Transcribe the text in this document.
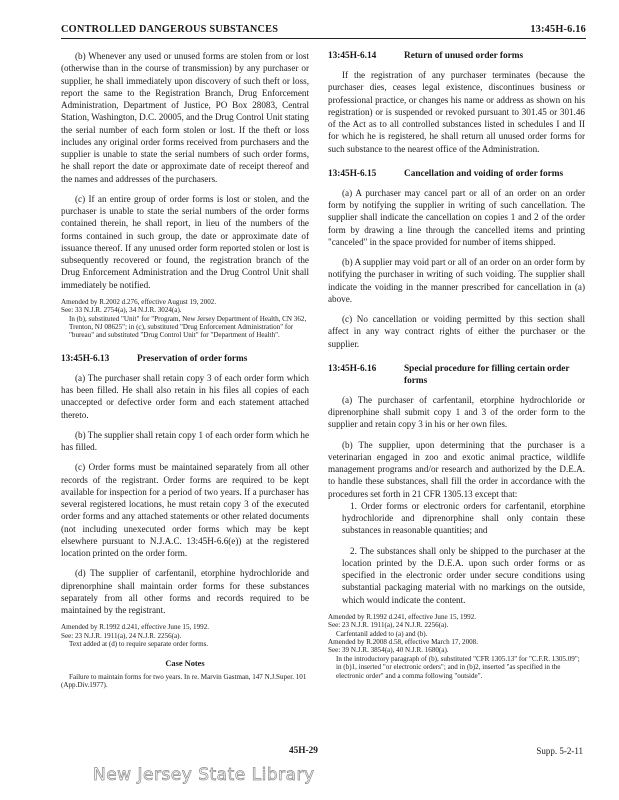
CONTROLLED DANGEROUS SUBSTANCES	13:45H-6.16

(b) Whenever any used or unused forms are stolen from or lost (otherwise than in the course of transmission) by any purchaser or supplier, he shall immediately upon discovery of such theft or loss, report the same to the Registration Branch, Drug Enforcement Administration, Department of Justice, PO Box 28083, Central Station, Washington, D.C. 20005, and the Drug Control Unit stating the serial number of each form stolen or lost. If the theft or loss includes any original order forms received from purchasers and the supplier is unable to state the serial numbers of such order forms, he shall report the date or approximate date of receipt thereof and the names and addresses of the purchasers.

(c) If an entire group of order forms is lost or stolen, and the purchaser is unable to state the serial numbers of the order forms contained therein, he shall report, in lieu of the numbers of the forms contained in such group, the date or approximate date of issuance thereof. If any unused order form reported stolen or lost is subsequently recovered or found, the registration branch of the Drug Enforcement Administration and the Drug Control Unit shall immediately be notified.

Amended by R.2002 d.276, effective August 19, 2002.
See: 33 N.J.R. 2754(a), 34 N.J.R. 3024(a).
In (b), substituted "Unit" for "Program, New Jersey Department of Health, CN 362, Trenton, NJ 08625"; in (c), substituted "Drug Enforcement Administration" for "bureau" and substituted "Drug Control Unit" for "Department of Health".
13:45H-6.13	Preservation of order forms

(a) The purchaser shall retain copy 3 of each order form which has been filled. He shall also retain in his files all copies of each unaccepted or defective order form and each statement attached thereto.

(b) The supplier shall retain copy 1 of each order form which he has filled.

(c) Order forms must be maintained separately from all other records of the registrant. Order forms are required to be kept available for inspection for a period of two years. If a purchaser has several registered locations, he must retain copy 3 of the executed order forms and any attached statements or other related documents (not including unexecuted order forms which may be kept elsewhere pursuant to N.J.A.C. 13:45H-6.6(e)) at the registered location printed on the order form.

(d) The supplier of carfentanil, etorphine hydrochloride and diprenorphine shall maintain order forms for these substances separately from all other forms and records required to be maintained by the registrant.

Amended by R.1992 d.241, effective June 15, 1992.
See: 23 N.J.R. 1911(a), 24 N.J.R. 2256(a).
Text added at (d) to require separate order forms.
Case Notes
Failure to maintain forms for two years. In re. Marvin Gastman, 147 N.J.Super. 101 (App.Div.1977).
13:45H-6.14	Return of unused order forms

If the registration of any purchaser terminates (because the purchaser dies, ceases legal existence, discontinues business or professional practice, or changes his name or address as shown on his registration) or is suspended or revoked pursuant to 301.45 or 301.46 of the Act as to all controlled substances listed in schedules I and II for which he is registered, he shall return all unused order forms for such substance to the nearest office of the Administration.

13:45H-6.15	Cancellation and voiding of order forms

(a) A purchaser may cancel part or all of an order on an order form by notifying the supplier in writing of such cancellation. The supplier shall indicate the cancellation on copies 1 and 2 of the order form by drawing a line through the cancelled items and printing "canceled" in the space provided for number of items shipped.

(b) A supplier may void part or all of an order on an order form by notifying the purchaser in writing of such voiding. The supplier shall indicate the voiding in the manner prescribed for cancellation in (a) above.

(c) No cancellation or voiding permitted by this section shall affect in any way contract rights of either the purchaser or the supplier.

13:45H-6.16	Special procedure for filling certain order forms

(a) The purchaser of carfentanil, etorphine hydrochloride or diprenorphine shall submit copy 1 and 3 of the order form to the supplier and retain copy 3 in his or her own files.

(b) The supplier, upon determining that the purchaser is a veterinarian engaged in zoo and exotic animal practice, wildlife management programs and/or research and authorized by the D.E.A. to handle these substances, shall fill the order in accordance with the procedures set forth in 21 CFR 1305.13 except that:

1. Order forms or electronic orders for carfentanil, etorphine hydrochloride and diprenorphine shall only contain these substances in reasonable quantities; and

2. The substances shall only be shipped to the purchaser at the location printed by the D.E.A. upon such order forms or as specified in the electronic order under secure conditions using substantial packaging material with no markings on the outside, which would indicate the content.

Amended by R.1992 d.241, effective June 15, 1992.
See: 23 N.J.R. 1911(a), 24 N.J.R. 2256(a).
Carfentanil added to (a) and (b).
Amended by R.2008 d.58, effective March 17, 2008.
See: 39 N.J.R. 3854(a), 40 N.J.R. 1680(a).
In the introductory paragraph of (b), substituted "CFR 1305.13" for "C.F.R. 1305.09"; in (b)1, inserted "or electronic orders"; and in (b)2, inserted "as specified in the electronic order" and a comma following "outside".
45H-29	Supp. 5-2-11
New Jersey State Library
